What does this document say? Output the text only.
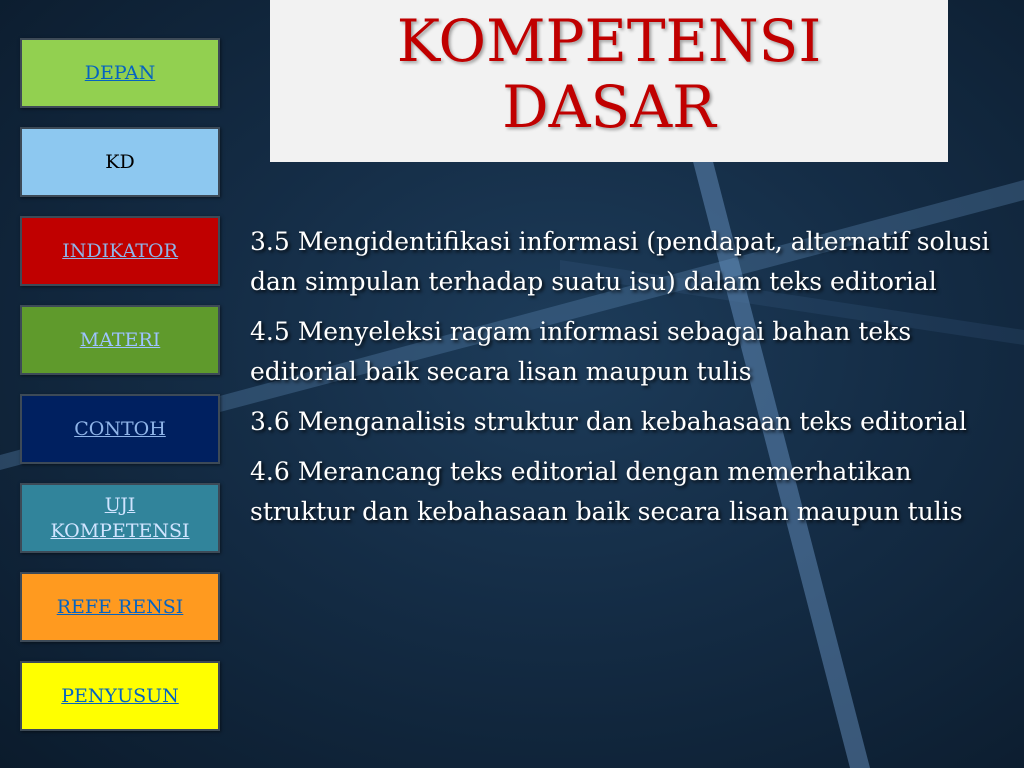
KOMPETENSI
DASAR
DEPAN
KD
INDIKATOR
MATERI
CONTOH
UJI
KOMPETENSI
REFE RENSI
PENYUSUN

3.5 Mengidentifikasi informasi (pendapat, alternatif solusi dan simpulan terhadap suatu isu) dalam teks editorial

4.5 Menyeleksi ragam informasi sebagai bahan teks editorial baik secara lisan maupun tulis

3.6 Menganalisis struktur dan kebahasaan teks editorial

4.6 Merancang teks editorial dengan memerhatikan struktur dan kebahasaan baik secara lisan maupun tulis
